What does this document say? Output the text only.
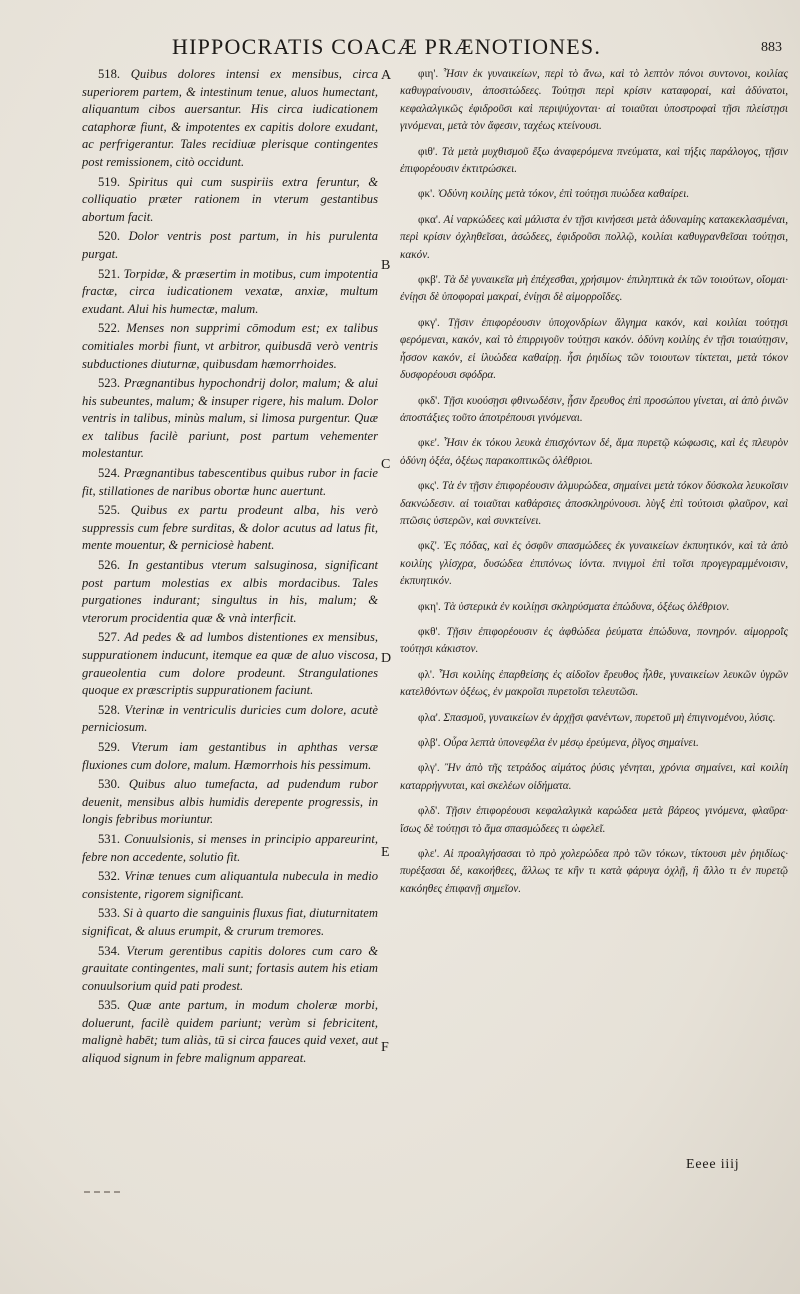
HIPPOCRATIS COACÆ PRÆNOTIONES.	883

518. Quibus dolores intensi ex mensibus, circa superiorem partem, & intestinum tenue, aluos humectant, aliquantum cibos auersantur. His circa iudicationem cataphoræ fiunt, & impotentes ex capitis dolore exudant, ac perfrigerantur. Tales recidiuæ plerisque contingentes post remissionem, citò occidunt.

519. Spiritus qui cum suspiriis extra feruntur, & colliquatio præter rationem in vterum gestantibus abortum facit.

520. Dolor ventris post partum, in his purulenta purgat.

521. Torpidæ, & præsertim in motibus, cum impotentia fractæ, circa iudicationem vexatæ, anxiæ, multum exudant. Alui his humectæ, malum.

522. Menses non supprimi cōmodum est; ex talibus comitiales morbi fiunt, vt arbitror, quibusdā verò ventris subductiones diuturnæ, quibusdam hæmorrhoides.

523. Prægnantibus hypochondrij dolor, malum; & alui his subeuntes, malum; & insuper rigere, his malum. Dolor ventris in talibus, minùs malum, si limosa purgentur. Quæ ex talibus facilè pariunt, post partum vehementer molestantur.

524. Prægnantibus tabescentibus quibus rubor in facie fit, stillationes de naribus obortæ hunc auertunt.

525. Quibus ex partu prodeunt alba, his verò suppressis cum febre surditas, & dolor acutus ad latus fit, mente mouentur, & perniciosè habent.

526. In gestantibus vterum salsuginosa, significant post partum molestias ex albis mordacibus. Tales purgationes indurant; singultus in his, malum; & vterorum procidentia quæ & vnà interficit.

527. Ad pedes & ad lumbos distentiones ex mensibus, suppurationem inducunt, itemque ea quæ de aluo viscosa, graueolentia cum dolore prodeunt. Strangulationes quoque ex præscriptis suppurationem faciunt.

528. Vterinæ in ventriculis duricies cum dolore, acutè perniciosum.

529. Vterum iam gestantibus in aphthas versæ fluxiones cum dolore, malum. Hæmorrhois his pessimum.

530. Quibus aluo tumefacta, ad pudendum rubor deuenit, mensibus albis humidis derepente progressis, in longis febribus moriuntur.

531. Conuulsionis, si menses in principio appareurint, febre non accedente, solutio fit.

532. Vrinæ tenues cum aliquantula nubecula in medio consistente, rigorem significant.

533. Si à quarto die sanguinis fluxus fiat, diuturnitatem significat, & aluus erumpit, & crurum tremores.

534. Vterum gerentibus capitis dolores cum caro & grauitate contingentes, mali sunt; fortasis autem his etiam conuulsorium quid pati prodest.

535. Quæ ante partum, in modum choleræ morbi, doluerunt, facilè quidem pariunt; verùm si febricitent, malignè habēt; tum aliàs, tū si circa fauces quid vexet, aut aliquod signum in febre malignum appareat.

φιη'. Ἧσιν ἐκ γυναικείων, περὶ τὸ ἄνω, καὶ τὸ λεπτὸν πόνοι συντονοι, κοιλίας καθυγραίνουσιν, ἀποσιτώδεες. Τούτῃσι περὶ κρίσιν καταφοραί, καὶ ἀδύνατοι, κεφαλαλγικῶς ἐφιδροῦσι καὶ περιψύχονται· αἱ τοιαῦται ὑποστροφαὶ τῇσι πλείστῃσι γινόμεναι, μετὰ τὸν ἄφεσιν, ταχέως κτείνουσι.

φιθ'. Τὰ μετὰ μυχθισμοῦ ἔξω ἀναφερόμενα πνεύματα, καὶ τήξις παράλογος, τῇσιν ἐπιφορέουσιν ἐκτιτρώσκει.

φκ'. Ὀδύνη κοιλίης μετὰ τόκον, ἐπὶ τούτῃσι πυώδεα καθαίρει.

φκα'. Αἱ ναρκώδεες καὶ μάλιστα ἐν τῇσι κινήσεσι μετὰ ἀδυναμίης κατακεκλασμέναι, περὶ κρίσιν ὀχληθεῖσαι, ἀσώδεες, ἐφιδροῦσι πολλῷ, κοιλίαι καθυγρανθεῖσαι τούτῃσι, κακόν.

φκβ'. Τὰ δὲ γυναικεῖα μὴ ἐπέχεσθαι, χρήσιμον· ἐπιληπτικὰ ἐκ τῶν τοιούτων, οἴομαι· ἐνίῃσι δὲ ὑποφοραὶ μακραί, ἐνίῃσι δὲ αἱμορροΐδες.

φκγ'. Τῇσιν ἐπιφορέουσιν ὑποχονδρίων ἄλγημα κακόν, καὶ κοιλίαι τούτῃσι φερόμεναι, κακόν, καὶ τὸ ἐπιρριγοῦν τούτῃσι κακόν. ὀδύνη κοιλίης ἐν τῇσι τοιαύτῃσιν, ἧσσον κακόν, εἰ ἰλυώδεα καθαίρῃ. ἧσι ῥηιδίως τῶν τοιουτων τίκτεται, μετὰ τόκον δυσφορέουσι σφόδρα.

φκδ'. Τῇσι κυούσῃσι φθινωδέσιν, ᾗσιν ἔρευθος ἐπὶ προσώπου γίνεται, αἱ ἀπὸ ῥινῶν ἀποστάξιες τοῦτο ἀποτρέπουσι γινόμεναι.

φκε'. Ἧσιν ἐκ τόκου λευκὰ ἐπισχόντων δέ, ἅμα πυρετῷ κώφωσις, καὶ ἐς πλευρὸν ὀδύνη ὀξέα, ὀξέως παρακοπτικῶς ὀλέθριοι.

φκς'. Τὰ ἐν τῇσιν ἐπιφορέουσιν ἁλμυρώδεα, σημαίνει μετὰ τόκον δύσκολα λευκοῖσιν δακνώδεσιν. αἱ τοιαῦται καθάρσιες ἀποσκληρύνουσι. λὺγξ ἐπὶ τούτοισι φλαῦρον, καὶ πτῶσις ὑστερῶν, καὶ συνκτείνει.

φκζ'. Ἐς πόδας, καὶ ἐς ὀσφῦν σπασμώδεες ἐκ γυναικείων ἐκπυητικόν, καὶ τὰ ἀπὸ κοιλίης γλίσχρα, δυσώδεα ἐπιπόνως ἰόντα. πνιγμοὶ ἐπὶ τοῖσι προγεγραμμένοισιν, ἐκπυητικόν.

φκη'. Τὰ ὑστερικὰ ἐν κοιλίῃσι σκληρύσματα ἐπώδυνα, ὀξέως ὀλέθριον.

φκθ'. Τῇσιν ἐπιφορέουσιν ἐς ἀφθώδεα ῥεύματα ἐπώδυνα, πονηρόν. αἱμορροῒς τούτῃσι κάκιστον.

φλ'. Ἧσι κοιλίης ἐπαρθείσης ἐς αἰδοῖον ἔρευθος ἦλθε, γυναικείων λευκῶν ὑγρῶν κατελθόντων ὀξέως, ἐν μακροῖσι πυρετοῖσι τελευτῶσι.

φλα'. Σπασμοῦ, γυναικείων ἐν ἀρχῇσι φανέντων, πυρετοῦ μὴ ἐπιγινομένου, λύσις.

φλβ'. Οὖρα λεπτὰ ὑπονεφέλα ἐν μέσῳ ἐρεύμενα, ῥῖγος σημαίνει.

φλγ'. Ἢν ἀπὸ τῆς τετράδος αἱμάτος ῥύσις γένηται, χρόνια σημαίνει, καὶ κοιλίη καταρρήγνυται, καὶ σκελέων οἰδήματα.

φλδ'. Τῇσιν ἐπιφορέουσι κεφαλαλγικὰ καρώδεα μετὰ βάρεος γινόμενα, φλαῦρα· ἴσως δὲ τούτῃσι τὸ ἅμα σπασμώδεες τι ὠφελεῖ.

φλε'. Αἱ προαλγήσασαι τὸ πρὸ χολερώδεα πρὸ τῶν τόκων, τίκτουσι μὲν ῥηιδίως· πυρέξασαι δέ, κακοήθεες, ἄλλως τε κἢν τι κατὰ φάρυγα ὀχλῇ, ἢ ἄλλο τι ἐν πυρετῷ κακόηθες ἐπιφανῇ σημεῖον.

A
B
C
D
E
F
Eeee iiij
